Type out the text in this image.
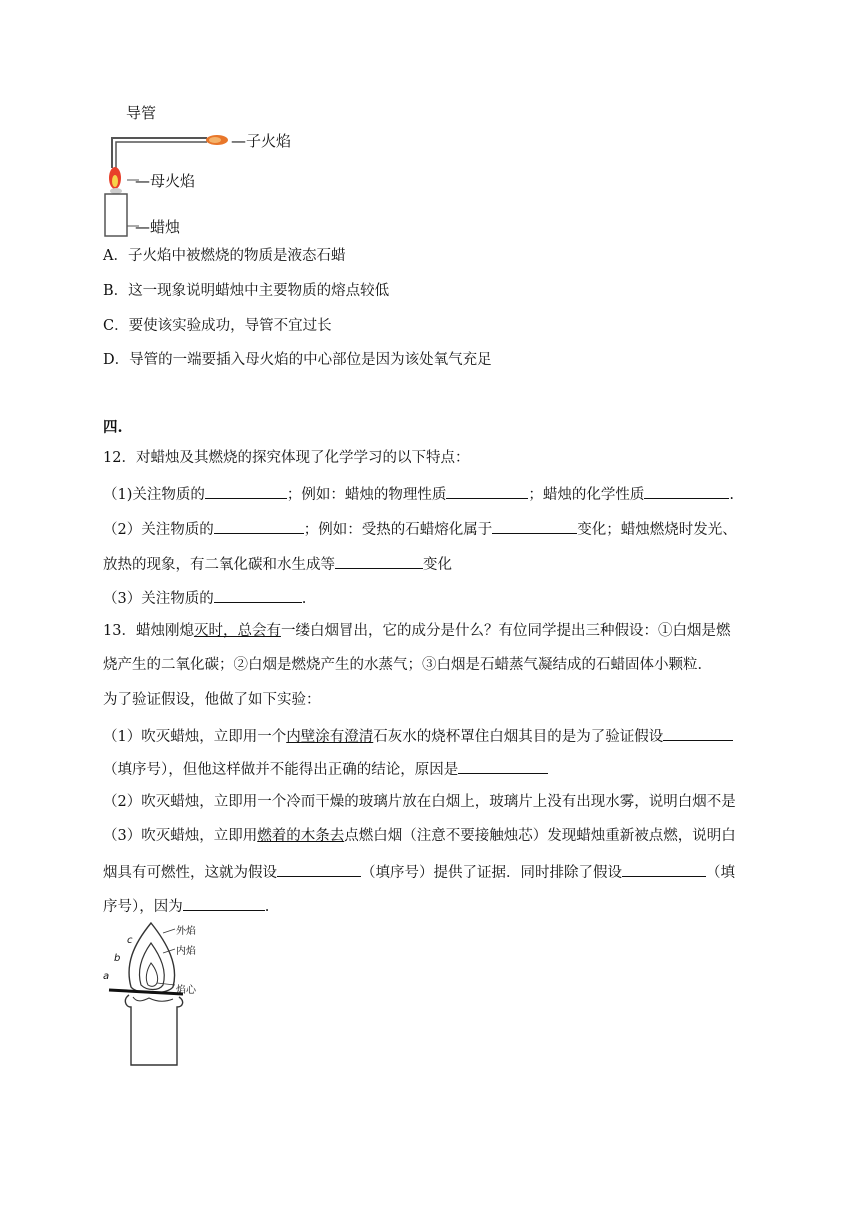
导管
—子火焰
—母火焰
—蜡烛
A．子火焰中被燃烧的物质是液态石蜡
B．这一现象说明蜡烛中主要物质的熔点较低
C．要使该实验成功，导管不宜过长
D．导管的一端要插入母火焰的中心部位是因为该处氧气充足
四.
12．对蜡烛及其燃烧的探究体现了化学学习的以下特点：
（1)关注物质的	；例如：蜡烛的物理性质	；蜡烛的化学性质	.
（2）关注物质的	；例如：受热的石蜡熔化属于	变化；蜡烛燃烧时发光、
放热的现象，有二氧化碳和水生成等	变化
（3）关注物质的	.
13．蜡烛刚熄灭时，总会有一缕白烟冒出，它的成分是什么？有位同学提出三种假设：①白烟是燃
烧产生的二氧化碳；②白烟是燃烧产生的水蒸气；③白烟是石蜡蒸气凝结成的石蜡固体小颗粒．
为了验证假设，他做了如下实验：
（1）吹灭蜡烛，立即用一个内壁涂有澄清石灰水的烧杯罩住白烟其目的是为了验证假设
（填序号），但他这样做并不能得出正确的结论，原因是
（2）吹灭蜡烛，立即用一个冷而干燥的玻璃片放在白烟上，玻璃片上没有出现水雾，说明白烟不是
（3）吹灭蜡烛，立即用燃着的木条去点燃白烟（注意不要接触烛芯）发现蜡烛重新被点燃，说明白
烟具有可燃性，这就为假设	（填序号）提供了证据．同时排除了假设	（填
序号），因为	.
外焰
内焰
焰心
a
b
c
